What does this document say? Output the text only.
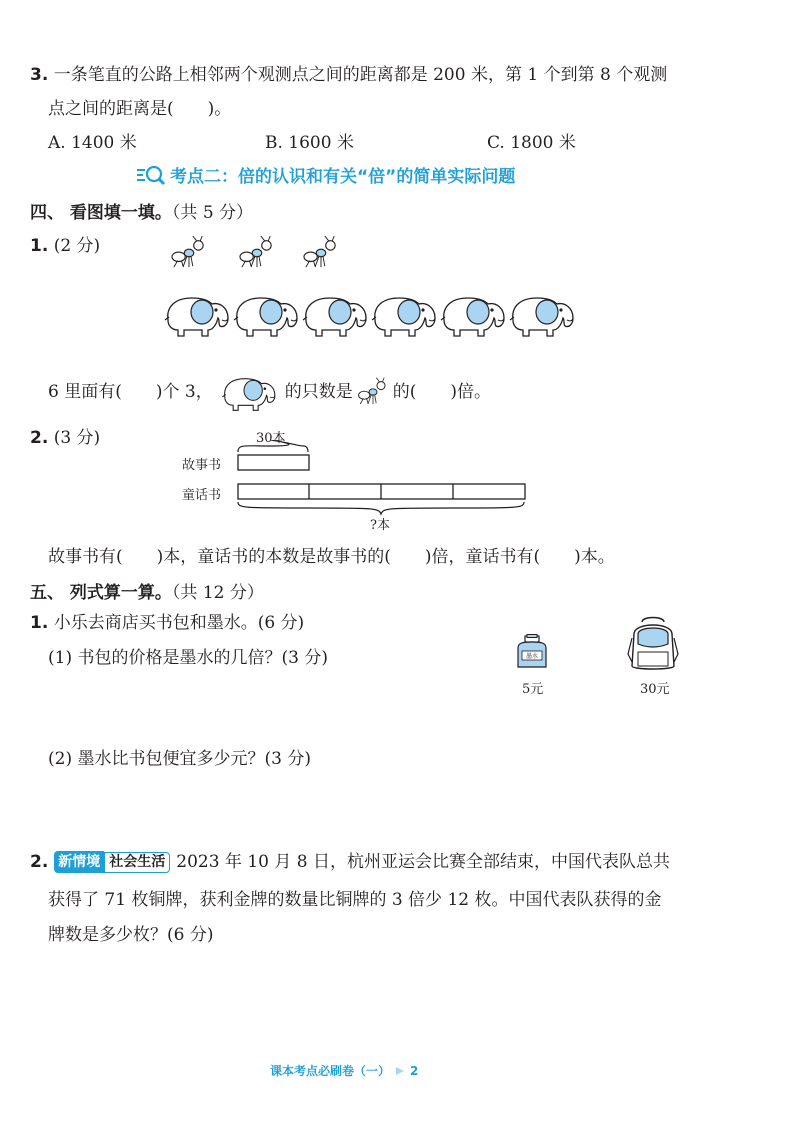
3. 一条笔直的公路上相邻两个观测点之间的距离都是 200 米，第 1 个到第 8 个观测
点之间的距离是( )。
A. 1400 米	B. 1600 米	C. 1800 米
考点二：倍的认识和有关“倍”的简单实际问题
四、 看图填一填。（共 5 分）
1. (2 分)
6 里面有( )个 3，	的只数是 的( )倍。
2. (3 分)	30本
故事书
童话书
?本
故事书有( )本，童话书的本数是故事书的( )倍，童话书有( )本。
五、 列式算一算。（共 12 分）
1. 小乐去商店买书包和墨水。(6 分)
(1) 书包的价格是墨水的几倍？(3 分)	墨水
5元	30元
(2) 墨水比书包便宜多少元？(3 分)
2. 新情境 社会生活 2023 年 10 月 8 日，杭州亚运会比赛全部结束，中国代表队总共
获得了 71 枚铜牌，获利金牌的数量比铜牌的 3 倍少 12 枚。中国代表队获得的金
牌数是多少枚？(6 分)
课本考点必刷卷（一） 2
